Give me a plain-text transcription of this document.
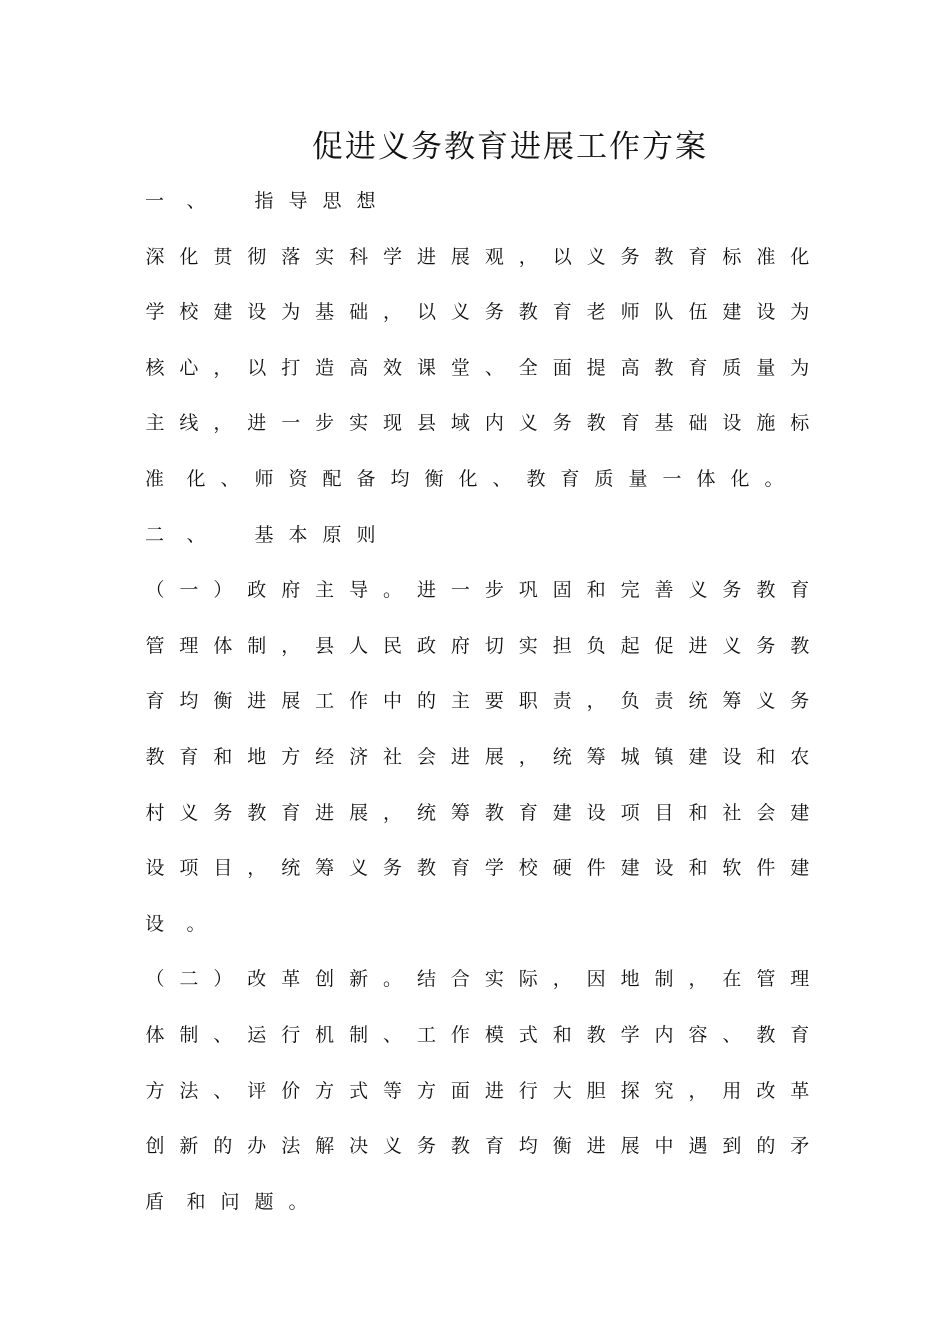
促进义务教育进展工作方案
一	、
	指 导 思 想
深 化 贯 彻 落 实 科 学 进 展 观 ， 以 义 务 教 育 标 准 化
学 校 建 设 为 基 础 ， 以 义 务 教 育 老 师 队 伍 建 设 为
核 心 ， 以 打 造 高 效 课 堂 、 全 面 提 高 教 育 质 量 为
主 线 ， 进 一 步 实 现 县 域 内 义 务 教 育 基 础 设 施 标
准	化 、 师 资 配 备 均 衡 化 、 教 育 质 量 一 体 化 。
二	、
	基 本 原 则
（ 一 ） 政 府 主 导 。 进 一 步 巩 固 和 完 善 义 务 教 育
管 理 体 制 ， 县 人 民 政 府 切 实 担 负 起 促 进 义 务 教
育 均 衡 进 展 工 作 中 的 主 要 职 责 ， 负 责 统 筹 义 务
教 育 和 地 方 经 济 社 会 进 展 ， 统 筹 城 镇 建 设 和 农
村 义 务 教 育 进 展 ， 统 筹 教 育 建 设 项 目 和 社 会 建
设 项 目 ， 统 筹 义 务 教 育 学 校 硬 件 建 设 和 软 件 建
设	。
（ 二 ） 改 革 创 新 。 结 合 实 际 ， 因 地 制 ， 在 管 理
体 制 、 运 行 机 制 、 工 作 模 式 和 教 学 内 容 、 教 育
方 法 、 评 价 方 式 等 方 面 进 行 大 胆 探 究 ， 用 改 革
创 新 的 办 法 解 决 义 务 教 育 均 衡 进 展 中 遇 到 的 矛
盾	和 问 题 。
